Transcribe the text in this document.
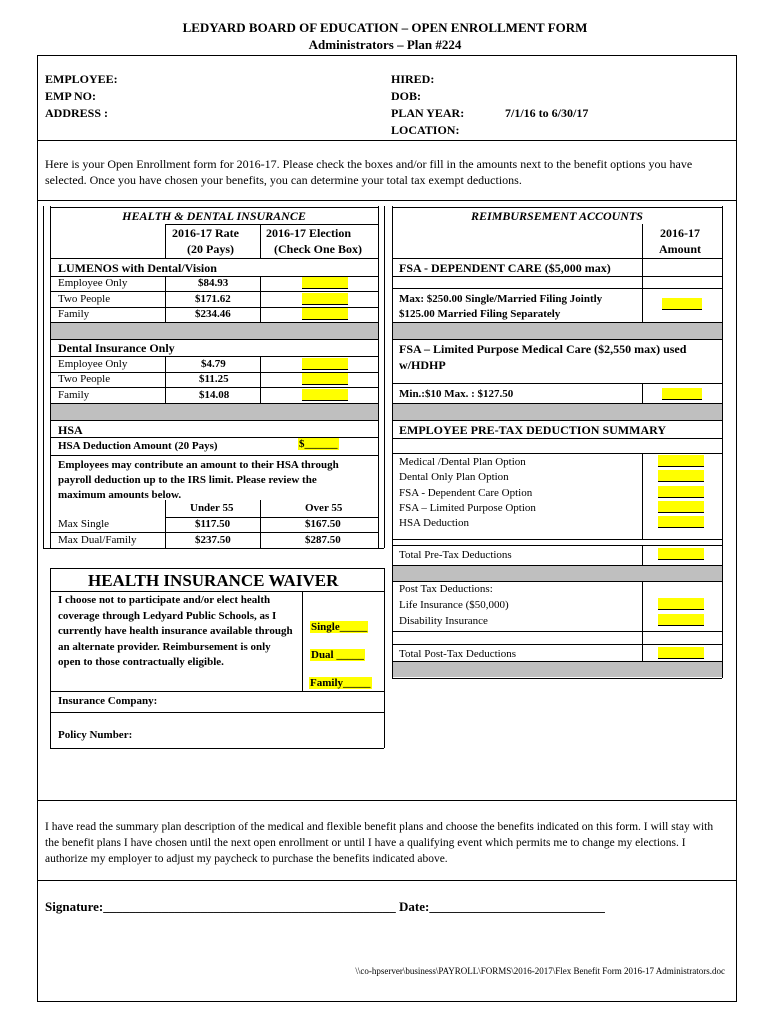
LEDYARD BOARD OF EDUCATION – OPEN ENROLLMENT FORM
Administrators – Plan #224
EMPLOYEE:
EMP NO:
ADDRESS :
HIRED:
DOB:
PLAN YEAR:	7/1/16 to 6/30/17
LOCATION:
Here is your Open Enrollment form for 2016-17. Please check the boxes and/or fill in the amounts next to the benefit options you have selected. Once you have chosen your benefits, you can determine your total tax exempt deductions.
HEALTH & DENTAL INSURANCE
2016-17 Rate
(20 Pays)
2016-17 Election
(Check One Box)
LUMENOS with Dental/Vision
Employee Only	$84.93
Two People	$171.62
Family	$234.46
Dental Insurance Only
Employee Only	$4.79
Two People	$11.25
Family	$14.08
HSA
HSA Deduction Amount (20 Pays)	$______
Employees may contribute an amount to their HSA through payroll deduction up to the IRS limit. Please review the maximum amounts below.
Under 55	Over 55
Max Single	$117.50	$167.50
Max Dual/Family	$237.50	$287.50
HEALTH INSURANCE WAIVER
I choose not to participate and/or elect health coverage through Ledyard Public Schools, as I currently have health insurance available through an alternate provider. Reimbursement is only open to those contractually eligible.
Single_____
Dual _____
Family_____
Insurance Company:
Policy Number:
REIMBURSEMENT ACCOUNTS
2016-17
Amount
FSA - DEPENDENT CARE ($5,000 max)
Max: $250.00 Single/Married Filing Jointly $125.00 Married Filing Separately
FSA – Limited Purpose Medical Care ($2,550 max) used w/HDHP
Min.:$10 Max. : $127.50
EMPLOYEE PRE-TAX DEDUCTION SUMMARY
Medical /Dental Plan Option
Dental Only Plan Option
FSA - Dependent Care Option
FSA – Limited Purpose Option
HSA Deduction
Total Pre-Tax Deductions
Post Tax Deductions:
Life Insurance ($50,000)
Disability Insurance
Total Post-Tax Deductions
I have read the summary plan description of the medical and flexible benefit plans and choose the benefits indicated on this form. I will stay with the benefit plans I have chosen until the next open enrollment or until I have a qualifying event which permits me to change my elections. I authorize my employer to adjust my paycheck to purchase the benefits indicated above.
Signature:_____________________________________________ Date:___________________________
\\co-hpserver\business\PAYROLL\FORMS\2016-2017\Flex Benefit Form 2016-17 Administrators.doc
